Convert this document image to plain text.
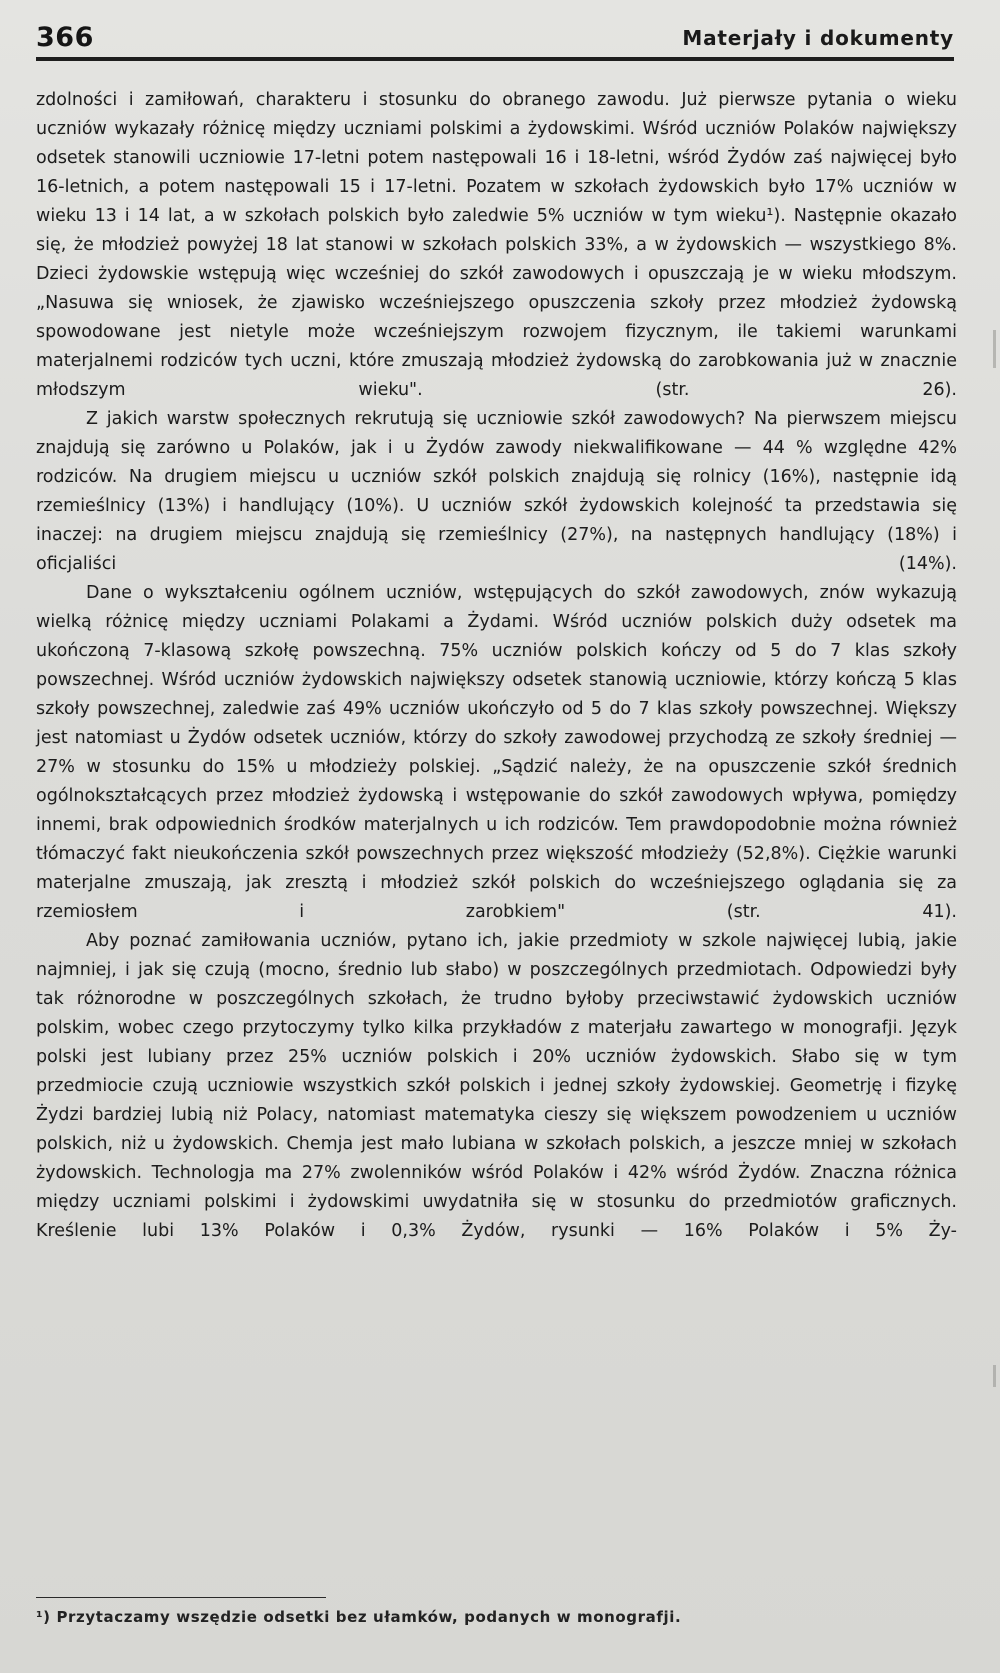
366	Materjały i dokumenty

zdolności i zamiłowań, charakteru i stosunku do obranego zawodu. Już pierwsze pytania o wieku uczniów wykazały różnicę między uczniami polskimi a żydowskimi. Wśród uczniów Polaków największy odsetek stanowili uczniowie 17-letni potem następowali 16 i 18-letni, wśród Żydów zaś najwięcej było 16-letnich, a potem następowali 15 i 17-letni. Pozatem w szkołach żydowskich było 17% uczniów w wieku 13 i 14 lat, a w szkołach polskich było zaledwie 5% uczniów w tym wieku¹). Następnie okazało się, że młodzież powyżej 18 lat stanowi w szkołach polskich 33%, a w żydowskich — wszystkiego 8%. Dzieci żydowskie wstępują więc wcześniej do szkół zawodowych i opuszczają je w wieku młodszym. „Nasuwa się wniosek, że zjawisko wcześniejszego opuszczenia szkoły przez młodzież żydowską spowodowane jest nietyle może wcześniejszym rozwojem fizycznym, ile takiemi warunkami materjalnemi rodziców tych uczni, które zmuszają młodzież żydowską do zarobkowania już w znacznie młodszym wieku". (str. 26).

Z jakich warstw społecznych rekrutują się uczniowie szkół zawodowych? Na pierwszem miejscu znajdują się zarówno u Polaków, jak i u Żydów zawody niekwalifikowane — 44 % względne 42% rodziców. Na drugiem miejscu u uczniów szkół polskich znajdują się rolnicy (16%), następnie idą rzemieślnicy (13%) i handlujący (10%). U uczniów szkół żydowskich kolejność ta przedstawia się inaczej: na drugiem miejscu znajdują się rzemieślnicy (27%), na następnych handlujący (18%) i oficjaliści (14%).

Dane o wykształceniu ogólnem uczniów, wstępujących do szkół zawodowych, znów wykazują wielką różnicę między uczniami Polakami a Żydami. Wśród uczniów polskich duży odsetek ma ukończoną 7-klasową szkołę powszechną. 75% uczniów polskich kończy od 5 do 7 klas szkoły powszechnej. Wśród uczniów żydowskich największy odsetek stanowią uczniowie, którzy kończą 5 klas szkoły powszechnej, zaledwie zaś 49% uczniów ukończyło od 5 do 7 klas szkoły powszechnej. Większy jest natomiast u Żydów odsetek uczniów, którzy do szkoły zawodowej przychodzą ze szkoły średniej — 27% w stosunku do 15% u młodzieży polskiej. „Sądzić należy, że na opuszczenie szkół średnich ogólnokształcących przez młodzież żydowską i wstępowanie do szkół zawodowych wpływa, pomiędzy innemi, brak odpowiednich środków materjalnych u ich rodziców. Tem prawdopodobnie można również tłómaczyć fakt nieukończenia szkół powszechnych przez większość młodzieży (52,8%). Ciężkie warunki materjalne zmuszają, jak zresztą i młodzież szkół polskich do wcześniejszego oglądania się za rzemiosłem i zarobkiem" (str. 41).

Aby poznać zamiłowania uczniów, pytano ich, jakie przedmioty w szkole najwięcej lubią, jakie najmniej, i jak się czują (mocno, średnio lub słabo) w poszczególnych przedmiotach. Odpowiedzi były tak różnorodne w poszczególnych szkołach, że trudno byłoby przeciwstawić żydowskich uczniów polskim, wobec czego przytoczymy tylko kilka przykładów z materjału zawartego w monografji. Język polski jest lubiany przez 25% uczniów polskich i 20% uczniów żydowskich. Słabo się w tym przedmiocie czują uczniowie wszystkich szkół polskich i jednej szkoły żydowskiej. Geometrję i fizykę Żydzi bardziej lubią niż Polacy, natomiast matematyka cieszy się większem powodzeniem u uczniów polskich, niż u żydowskich. Chemja jest mało lubiana w szkołach polskich, a jeszcze mniej w szkołach żydowskich. Technologja ma 27% zwolenników wśród Polaków i 42% wśród Żydów. Znaczna różnica między uczniami polskimi i żydowskimi uwydatniła się w stosunku do przedmiotów graficznych. Kreślenie lubi 13% Polaków i 0,3% Żydów, rysunki — 16% Polaków i 5% Ży-

¹) Przytaczamy wszędzie odsetki bez ułamków, podanych w monografji.
